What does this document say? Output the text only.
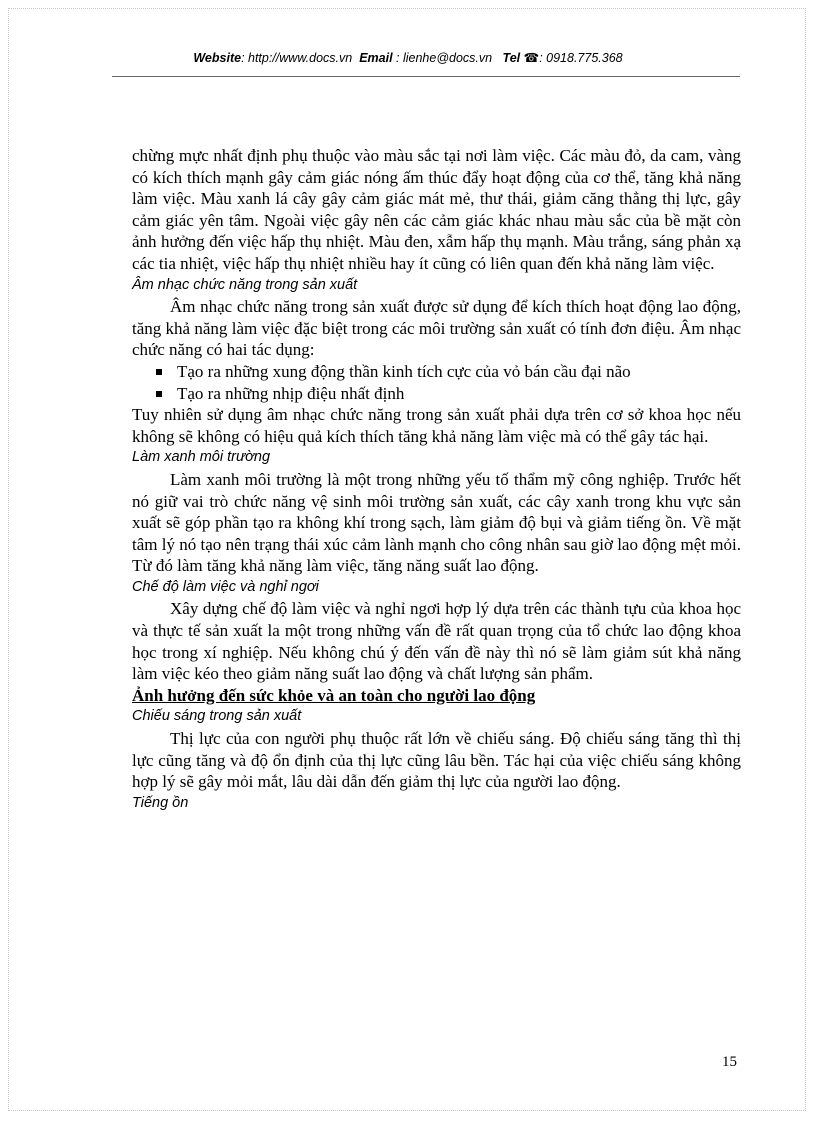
Website: http://www.docs.vn Email : lienhe@docs.vn Tel ☎: 0918.775.368

chừng mực nhất định phụ thuộc vào màu sắc tại nơi làm việc. Các màu đỏ, da cam, vàng có kích thích mạnh gây cảm giác nóng ấm thúc đẩy hoạt động của cơ thể, tăng khả năng làm việc. Màu xanh lá cây gây cảm giác mát mẻ, thư thái, giảm căng thẳng thị lực, gây cảm giác yên tâm. Ngoài việc gây nên các cảm giác khác nhau màu sắc của bề mặt còn ảnh hưởng đến việc hấp thụ nhiệt. Màu đen, xẫm hấp thụ mạnh. Màu trắng, sáng phản xạ các tia nhiệt, việc hấp thụ nhiệt nhiều hay ít cũng có liên quan đến khả năng làm việc.

Âm nhạc chức năng trong sản xuất

Âm nhạc chức năng trong sản xuất được sử dụng để kích thích hoạt động lao động, tăng khả năng làm việc đặc biệt trong các môi trường sản xuất có tính đơn điệu. Âm nhạc chức năng có hai tác dụng:

Tạo ra những xung động thần kinh tích cực của vỏ bán cầu đại não
Tạo ra những nhịp điệu nhất định

Tuy nhiên sử dụng âm nhạc chức năng trong sản xuất phải dựa trên cơ sở khoa học nếu không sẽ không có hiệu quả kích thích tăng khả năng làm việc mà có thể gây tác hại.

Làm xanh môi trường

Làm xanh môi trường là một trong những yếu tố thẩm mỹ công nghiệp. Trước hết nó giữ vai trò chức năng vệ sinh môi trường sản xuất, các cây xanh trong khu vực sản xuất sẽ góp phần tạo ra không khí trong sạch, làm giảm độ bụi và giảm tiếng ồn. Về mặt tâm lý nó tạo nên trạng thái xúc cảm lành mạnh cho công nhân sau giờ lao động mệt mỏi. Từ đó làm tăng khả năng làm việc, tăng năng suất lao động.

Chế độ làm việc và nghỉ ngơi

Xây dựng chế độ làm việc và nghỉ ngơi hợp lý dựa trên các thành tựu của khoa học và thực tế sản xuất la một trong những vấn đề rất quan trọng của tổ chức lao động khoa học trong xí nghiệp. Nếu không chú ý đến vấn đề này thì nó sẽ làm giảm sút khả năng làm việc kéo theo giảm năng suất lao động và chất lượng sản phẩm.

Ảnh hưởng đến sức khỏe và an toàn cho người lao động
Chiếu sáng trong sản xuất

Thị lực của con người phụ thuộc rất lớn về chiếu sáng. Độ chiếu sáng tăng thì thị lực cũng tăng và độ ổn định của thị lực cũng lâu bền. Tác hại của việc chiếu sáng không hợp lý sẽ gây mỏi mắt, lâu dài dẫn đến giảm thị lực của người lao động.

Tiếng ồn
15
